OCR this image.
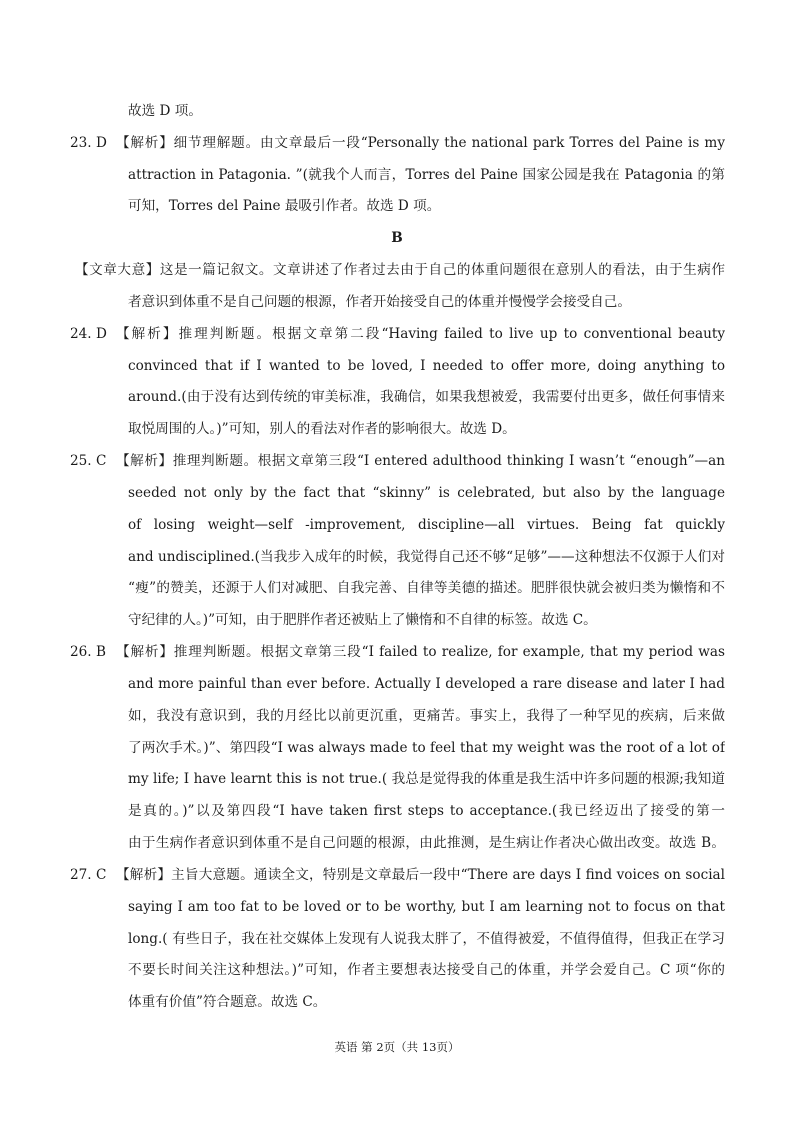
故选 D 项。
23. D 【解析】细节理解题。由文章最后一段“Personally the national park Torres del Paine is my
attraction in Patagonia. ”(就我个人而言，Torres del Paine 国家公园是我在 Patagonia 的第
可知，Torres del Paine 最吸引作者。故选 D 项。
B
【文章大意】这是一篇记叙文。文章讲述了作者过去由于自己的体重问题很在意别人的看法，由于生病作
者意识到体重不是自己问题的根源，作者开始接受自己的体重并慢慢学会接受自己。
24. D 【解析】推理判断题。根据文章第二段“Having failed to live up to conventional beauty
convinced that if I wanted to be loved, I needed to offer more, doing anything to
around.(由于没有达到传统的审美标准，我确信，如果我想被爱，我需要付出更多，做任何事情来
取悦周围的人。)”可知，别人的看法对作者的影响很大。故选 D。
25. C 【解析】推理判断题。根据文章第三段“I entered adulthood thinking I wasn’t “enough”—an
seeded not only by the fact that “skinny” is celebrated, but also by the language
of losing weight—self -improvement, discipline—all virtues. Being fat quickly
and undisciplined.(当我步入成年的时候，我觉得自己还不够“足够”——这种想法不仅源于人们对
“瘦”的赞美，还源于人们对减肥、自我完善、自律等美德的描述。肥胖很快就会被归类为懒惰和不
守纪律的人。)”可知，由于肥胖作者还被贴上了懒惰和不自律的标签。故选 C。
26. B 【解析】推理判断题。根据文章第三段“I failed to realize, for example, that my period was
and more painful than ever before. Actually I developed a rare disease and later I had
如，我没有意识到，我的月经比以前更沉重，更痛苦。事实上，我得了一种罕见的疾病，后来做
了两次手术。)”、第四段“I was always made to feel that my weight was the root of a lot of
my life; I have learnt this is not true.( 我总是觉得我的体重是我生活中许多问题的根源;我知道
是真的。)”以及第四段“I have taken first steps to acceptance.(我已经迈出了接受的第一
由于生病作者意识到体重不是自己问题的根源，由此推测，是生病让作者决心做出改变。故选 B。
27. C 【解析】主旨大意题。通读全文，特别是文章最后一段中“There are days I find voices on social
saying I am too fat to be loved or to be worthy, but I am learning not to focus on that
long.( 有些日子，我在社交媒体上发现有人说我太胖了，不值得被爱，不值得值得，但我正在学习
不要长时间关注这种想法。)”可知，作者主要想表达接受自己的体重，并学会爱自己。C 项“你的
体重有价值”符合题意。故选 C。
英语 第 2页（共 13页）
